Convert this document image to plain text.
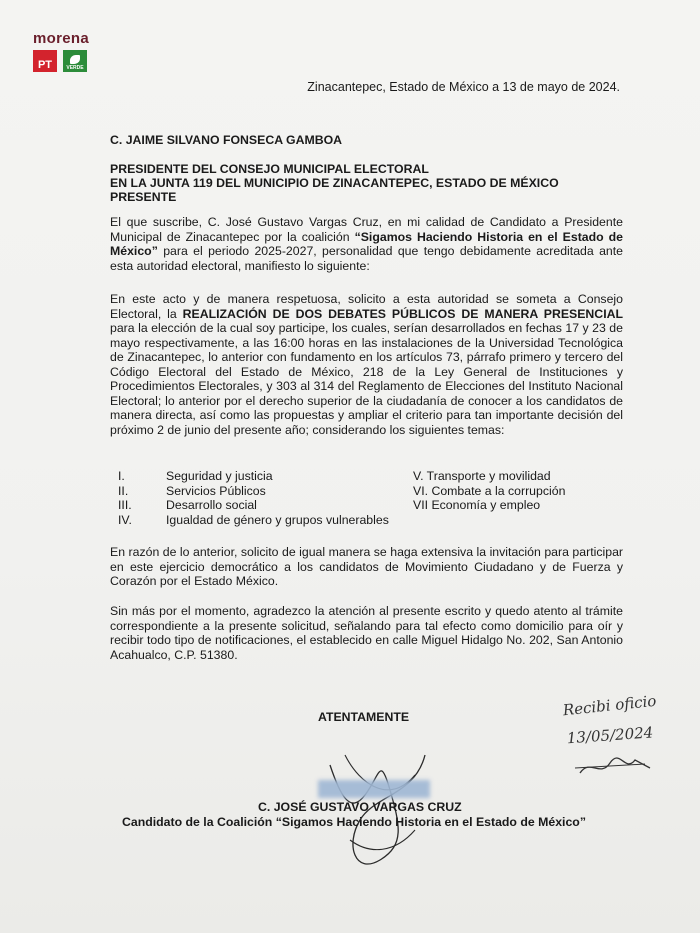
morena
PT	VERDE
Zinacantepec, Estado de México a 13 de mayo de 2024.
C. JAIME SILVANO FONSECA GAMBOA
PRESIDENTE DEL CONSEJO MUNICIPAL ELECTORAL
EN LA JUNTA 119 DEL MUNICIPIO DE ZINACANTEPEC, ESTADO DE MÉXICO
PRESENTE
El que suscribe, C. José Gustavo Vargas Cruz, en mi calidad de Candidato a Presidente Municipal de Zinacantepec por la coalición “Sigamos Haciendo Historia en el Estado de México” para el periodo 2025-2027, personalidad que tengo debidamente acreditada ante esta autoridad electoral, manifiesto lo siguiente:
En este acto y de manera respetuosa, solicito a esta autoridad se someta a Consejo Electoral, la REALIZACIÓN DE DOS DEBATES PÚBLICOS DE MANERA PRESENCIAL para la elección de la cual soy participe, los cuales, serían desarrollados en fechas 17 y 23 de mayo respectivamente, a las 16:00 horas en las instalaciones de la Universidad Tecnológica de Zinacantepec, lo anterior con fundamento en los artículos 73, párrafo primero y tercero del Código Electoral del Estado de México, 218 de la Ley General de Instituciones y Procedimientos Electorales, y 303 al 314 del Reglamento de Elecciones del Instituto Nacional Electoral; lo anterior por el derecho superior de la ciudadanía de conocer a los candidatos de manera directa, así como las propuestas y ampliar el criterio para tan importante decisión del próximo 2 de junio del presente año; considerando los siguientes temas:
I.	Seguridad y justicia
II.	Servicios Públicos
III.	Desarrollo social
IV.	Igualdad de género y grupos vulnerables
V. Transporte y movilidad
VI. Combate a la corrupción
VII Economía y empleo
En razón de lo anterior, solicito de igual manera se haga extensiva la invitación para participar en este ejercicio democrático a los candidatos de Movimiento Ciudadano y de Fuerza y Corazón por el Estado México.
Sin más por el momento, agradezco la atención al presente escrito y quedo atento al trámite correspondiente a la presente solicitud, señalando para tal efecto como domicilio para oír y recibir todo tipo de notificaciones, el establecido en calle Miguel Hidalgo No. 202, San Antonio Acahualco, C.P. 51380.
ATENTAMENTE
C. JOSÉ GUSTAVO VARGAS CRUZ
Candidato de la Coalición “Sigamos Haciendo Historia en el Estado de México”
Recibi oficio
13/05/2024
